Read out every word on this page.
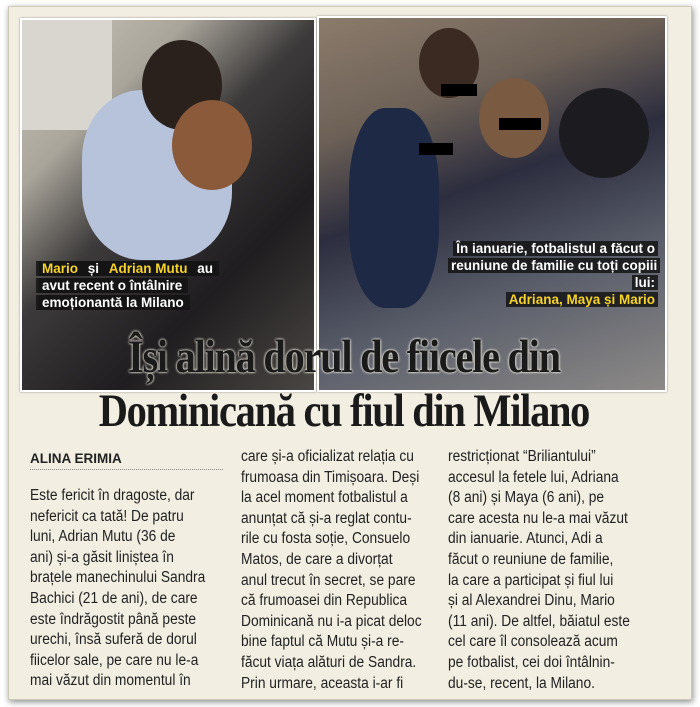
Mario și Adrian Mutu au avut recent o întâlnire emoționantă la Milano
În ianuarie, fotbalistul a făcut o reuniune de familie cu toți copiii lui:
Adriana, Maya și Mario
Își alină dorul de fiicele din
Dominicană cu fiul din Milano
ALINA ERIMIA

Este fericit în dragoste, dar
nefericit ca tată! De patru
luni, Adrian Mutu (36 de
ani) și-a găsit liniștea în
brațele manechinului Sandra
Bachici (21 de ani), de care
este îndrăgostit până peste
urechi, însă suferă de dorul
fiicelor sale, pe care nu le-a
mai văzut din momentul în

care și-a oficializat relația cu
frumoasa din Timișoara. Deși
la acel moment fotbalistul a
anunțat că și-a reglat contu-
rile cu fosta soție, Consuelo
Matos, de care a divorțat
anul trecut în secret, se pare
că frumoasei din Republica
Dominicană nu i-a picat deloc
bine faptul că Mutu și-a re-
făcut viața alături de Sandra.
Prin urmare, aceasta i-ar fi

restricționat “Briliantului”
accesul la fetele lui, Adriana
(8 ani) și Maya (6 ani), pe
care acesta nu le-a mai văzut
din ianuarie. Atunci, Adi a
făcut o reuniune de familie,
la care a participat și fiul lui
și al Alexandrei Dinu, Mario
(11 ani). De altfel, băiatul este
cel care îl consolează acum
pe fotbalist, cei doi întâlnin-
du-se, recent, la Milano.
